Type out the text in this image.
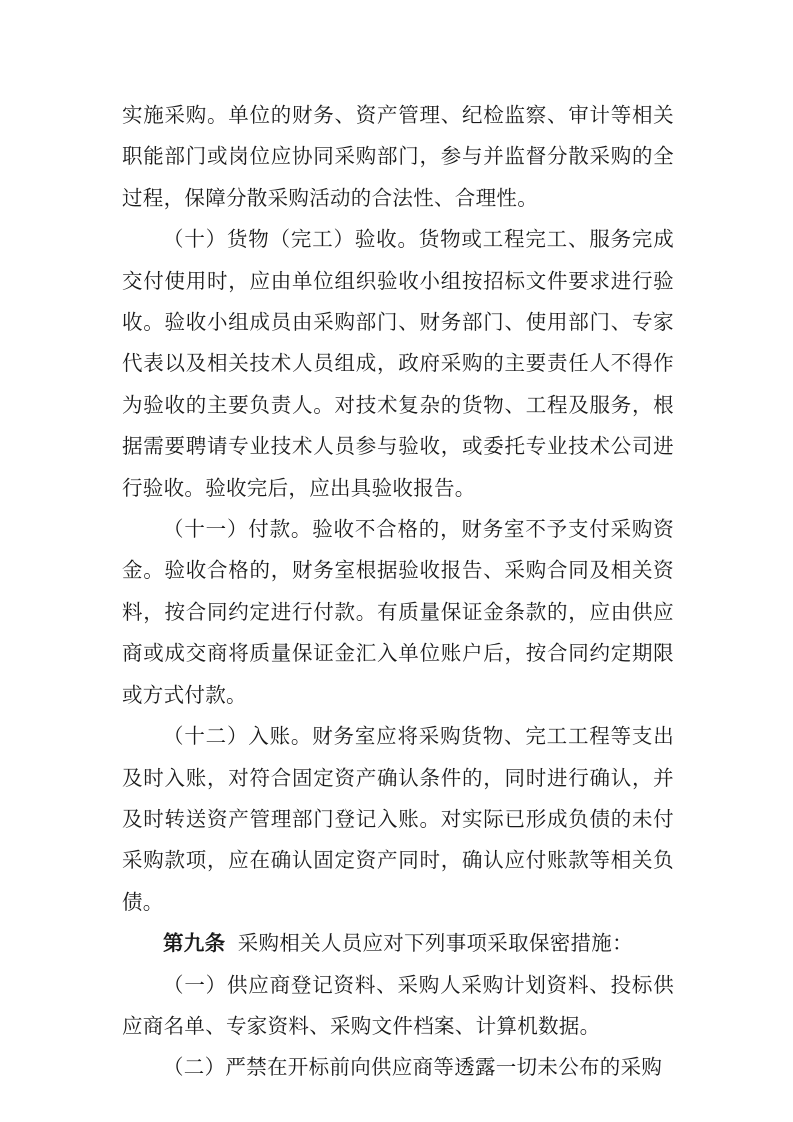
实施采购。单位的财务、资产管理、纪检监察、审计等相关职能部门或岗位应协同采购部门，参与并监督分散采购的全过程，保障分散采购活动的合法性、合理性。

（十）货物（完工）验收。货物或工程完工、服务完成交付使用时，应由单位组织验收小组按招标文件要求进行验收。验收小组成员由采购部门、财务部门、使用部门、专家代表以及相关技术人员组成，政府采购的主要责任人不得作为验收的主要负责人。对技术复杂的货物、工程及服务，根据需要聘请专业技术人员参与验收，或委托专业技术公司进行验收。验收完后，应出具验收报告。

（十一）付款。验收不合格的，财务室不予支付采购资金。验收合格的，财务室根据验收报告、采购合同及相关资料，按合同约定进行付款。有质量保证金条款的，应由供应商或成交商将质量保证金汇入单位账户后，按合同约定期限或方式付款。

（十二）入账。财务室应将采购货物、完工工程等支出及时入账，对符合固定资产确认条件的，同时进行确认，并及时转送资产管理部门登记入账。对实际已形成负债的未付采购款项，应在确认固定资产同时，确认应付账款等相关负债。

第九条 采购相关人员应对下列事项采取保密措施：

（一）供应商登记资料、采购人采购计划资料、投标供应商名单、专家资料、采购文件档案、计算机数据。

（二）严禁在开标前向供应商等透露一切未公布的采购
